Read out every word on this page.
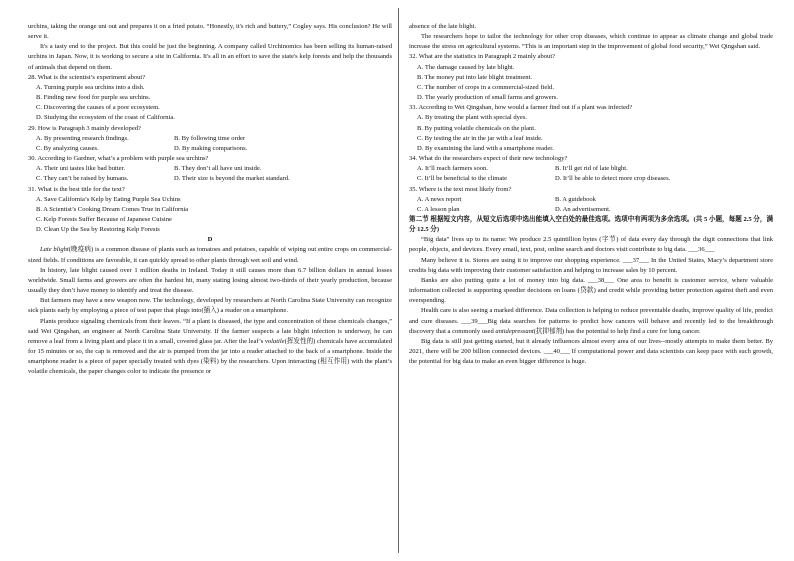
urchins, taking the orange uni out and prepares it on a fried potato. “Honestly, it's rich and buttery,” Cogley says. His conclusion? He will serve it.

It's a tasty end to the project. But this could be just the beginning. A company called Urchinomics has been selling its human-raised urchins in Japan. Now, it is working to secure a site in California. It's all in an effort to save the state's kelp forests and help the thousands of animals that depend on them.

28. What is the scientist’s experiment about?

A. Turning purple sea urchins into a dish.

B. Finding new food for purple sea urchins.

C. Discovering the causes of a poor ecosystem.

D. Studying the ecosystem of the coast of California.

29. How is Paragraph 3 mainly developed?

A. By presenting research findings.	B. By following time order
C. By analyzing causes.	D. By making comparisons.

30. According to Gardner, what’s a problem with purple sea urchins?

A. Their uni tastes like bad butter.	B. They don’t all have uni inside.
C. They can’t be raised by humans.	D. Their size is beyond the market standard.

31. What is the best title for the text?

A. Save California’s Kelp by Eating Purple Sea Uchins

B. A Scientist’s Cooking Dream Comes True in California

C. Kelp Forests Suffer Because of Japanese Cuisine

D. Clean Up the Sea by Restoring Kelp Forests

D

Late blight(晚疫病) is a common disease of plants such as tomatoes and potatoes, capable of wiping out entire crops on commercial-sized fields. If conditions are favorable, it can quickly spread to other plants through wet soil and wind.

In history, late blight caused over 1 million deaths in Ireland. Today it still causes more than 6.7 billion dollars in annual losses worldwide. Small farms and growers are often the hardest hit, many stating losing almost two-thirds of their yearly production, because usually they don’t have money to identify and treat the disease.

But farmers may have a new weapon now. The technology, developed by researchers at North Carolina State University can recognize sick plants early by employing a piece of test paper that plugs into(插入) a reader on a smartphone.

Plants produce signaling chemicals from their leaves. “If a plant is diseased, the type and concentration of these chemicals changes,” said Wei Qingshan, an engineer at North Carolina State University. If the farmer suspects a late blight infection is underway, he can remove a leaf from a living plant and place it in a small, covered glass jar. After the leaf’s volatile(挥发性的) chemicals have accumulated for 15 minutes or so, the cap is removed and the air is pumped from the jar into a reader attached to the back of a smartphone. Inside the smartphone reader is a piece of paper specially treated with dyes (染料) by the researchers. Upon interacting (相互作用) with the plant’s volatile chemicals, the paper changes color to indicate the presence or

absence of the late blight.

The researchers hope to tailor the technology for other crop diseases, which continue to appear as climate change and global trade increase the stress on agricultural systems. “This is an important step in the improvement of global food security,” Wei Qingshan said.

32. What are the statistics in Paragraph 2 mainly about?

A. The damage caused by late blight.

B. The money put into late blight treatment.

C. The number of crops in a commercial-sized field.

D. The yearly production of small farms and growers.

33. According to Wei Qingshan, how would a farmer find out if a plant was infected?

A. By treating the plant with special dyes.

B. By putting volatile chemicals on the plant.

C. By testing the air in the jar with a leaf inside.

D. By examining the land with a smartphone reader.

34. What do the researchers expect of their new technology?

A. It’ll reach farmers soon.	B. It’ll get rid of late blight.
C. It’ll be beneficial to the climate	D. It’ll be able to detect more crop diseases.

35. Where is the text most likely from?

A. A news report	B. A guidebook
C. A lesson plan	D. An advertisement.

第二节 根据短文内容，从短文后选项中选出能填入空白处的最佳选项。选项中有两项为多余选项。(共 5 小题，每题 2.5 分，满分 12.5 分)

“Big data” lives up to its name: We produce 2.5 quintillion bytes (字节) of data every day through the digit connections that link people, objects, and devices. Every email, text, post, online search and doctors visit contribute to big data. ___36___

Many believe it is. Stores are using it to improve our shopping experience. ___37___ In the United States, Macy’s department store credits big data with improving their customer satisfaction and helping to increase sales by 10 percent.

Banks are also putting quite a lot of money into big data. ___38___ One area to benefit is customer service, where valuable information collected is supporting speedier decisions on loans (贷款) and credit while providing better protection against theft and even overspending.

Health care is also seeing a marked difference. Data collection is helping to reduce preventable deaths, improve quality of life, predict and cure diseases. ___39___Big data searches for patterns to predict how cancers will behave and recently led to the breakthrough discovery that a commonly used antidepressant(抗抑郁剂) has the potential to help find a cure for lung cancer.

Big data is still just getting started, but it already influences almost every area of our lives--mostly attempts to make them better. By 2021, there will be 200 billion connected devices. ___40___ If computational power and data scientists can keep pace with such growth, the potential for big data to make an even bigger difference is huge.
